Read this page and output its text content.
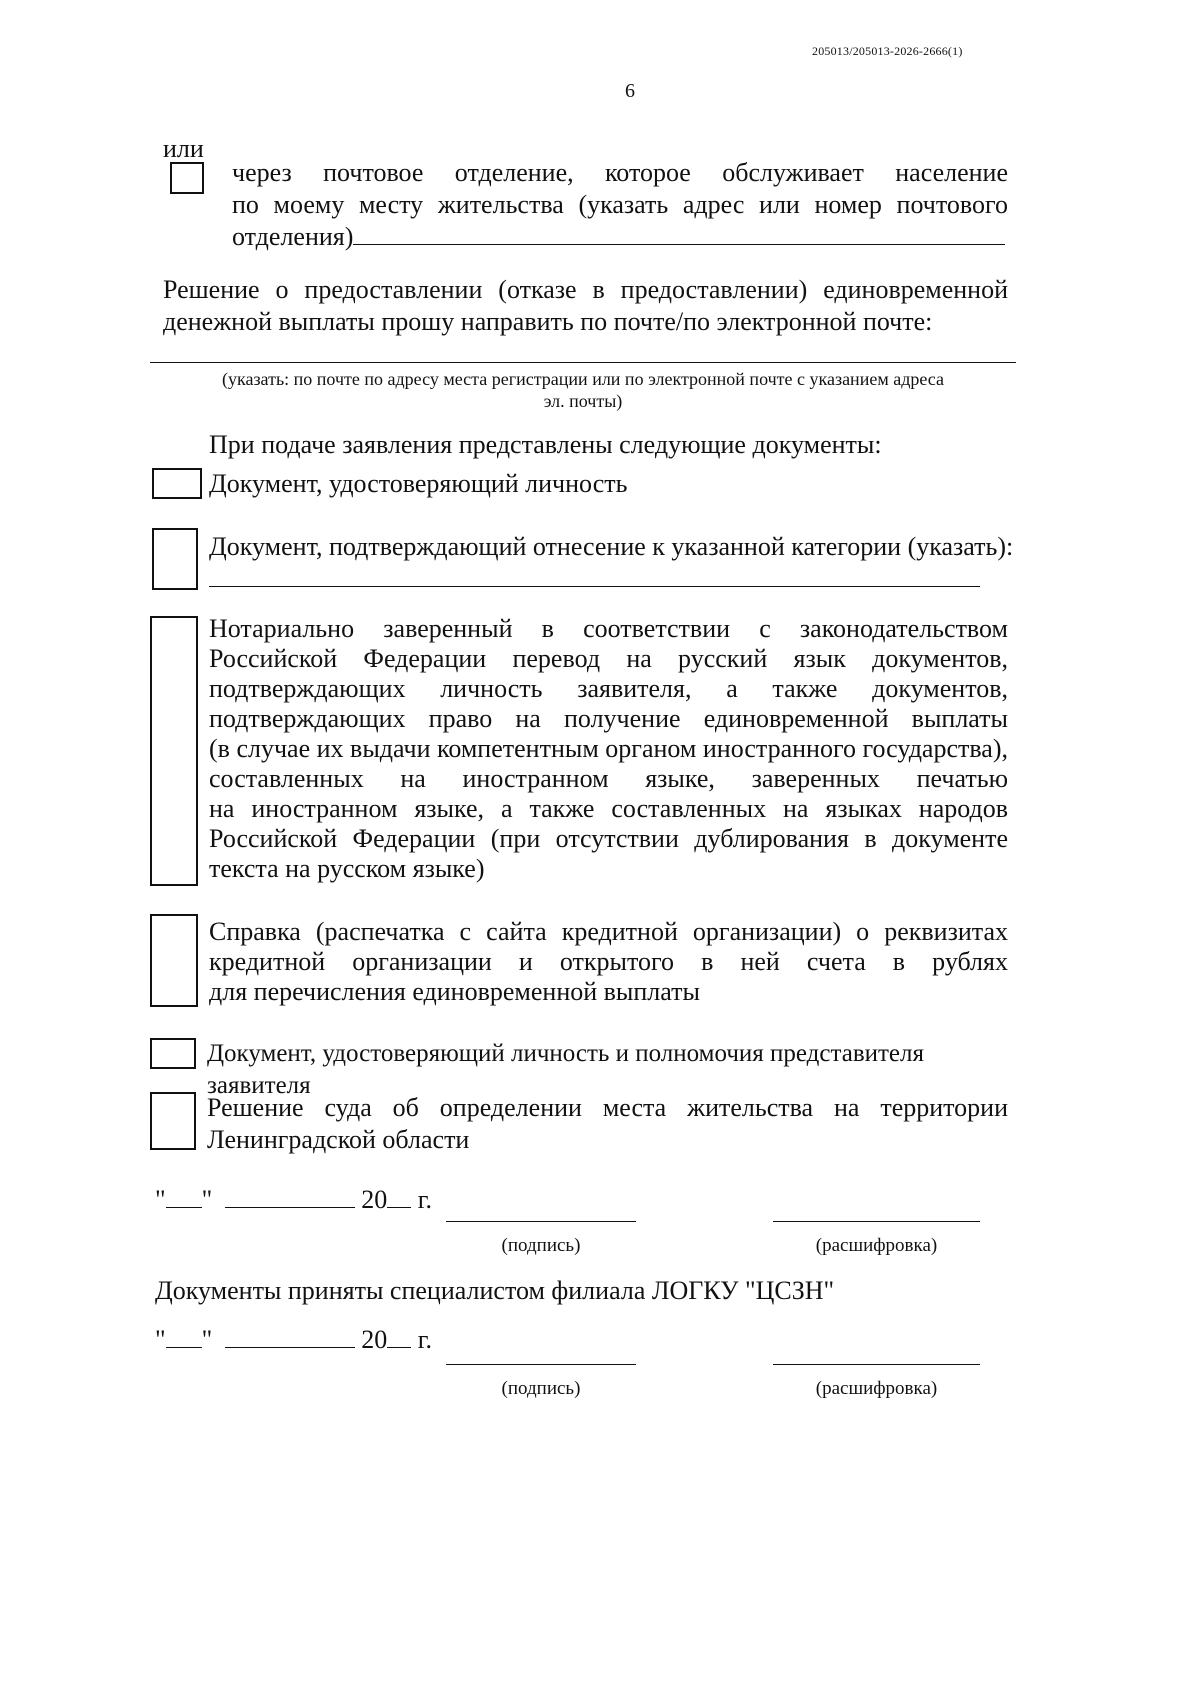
205013/205013-2026-2666(1)
6
или
через почтовое отделение, которое обслуживает население
по моему месту жительства (указать адрес или номер почтового
отделения)
Решение о предоставлении (отказе в предоставлении) единовременной
денежной выплаты прошу направить по почте/по электронной почте:
(указать: по почте по адресу места регистрации или по электронной почте с указанием адреса
эл. почты)
При подаче заявления представлены следующие документы:
Документ, удостоверяющий личность
Документ, подтверждающий отнесение к указанной категории (указать):
Нотариально заверенный в соответствии с законодательством
Российской Федерации перевод на русский язык документов,
подтверждающих личность заявителя, а также документов,
подтверждающих право на получение единовременной выплаты
(в случае их выдачи компетентным органом иностранного государства),
составленных на иностранном языке, заверенных печатью
на иностранном языке, а также составленных на языках народов
Российской Федерации (при отсутствии дублирования в документе
текста на русском языке)
Справка (распечатка с сайта кредитной организации) о реквизитах
кредитной организации и открытого в ней счета в рублях
для перечисления единовременной выплаты
Документ, удостоверяющий личность и полномочия представителя заявителя
Решение суда об определении места жительства на территории
Ленинградской области
" "	20 г.
(подпись)	(расшифровка)
Документы приняты специалистом филиала ЛОГКУ "ЦСЗН"
" "	20 г.
(подпись)	(расшифровка)
